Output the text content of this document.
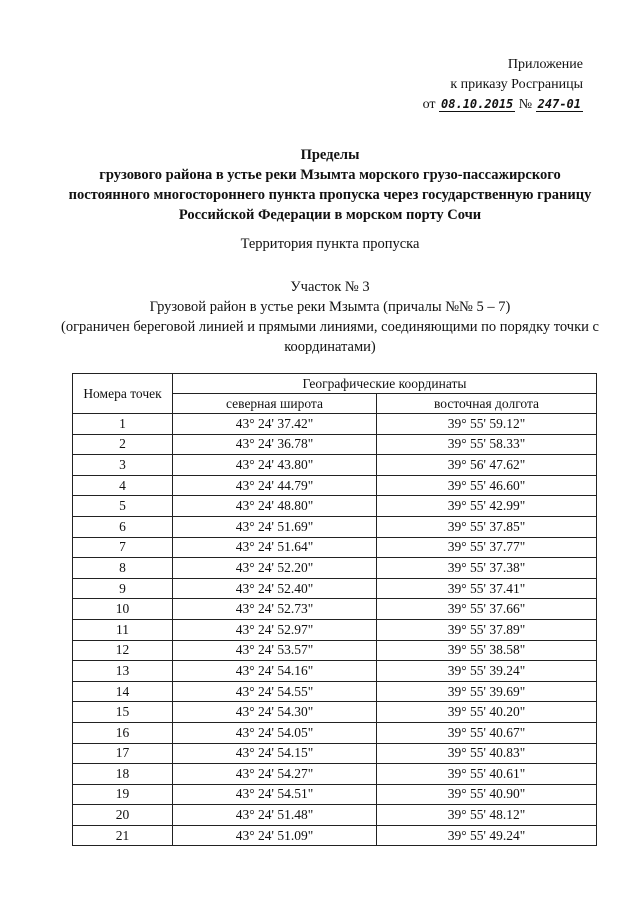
Приложение
к приказу Росграницы
от 08.10.2015 № 247-01
Пределы
грузового района в устье реки Мзымта морского грузо-пассажирского постоянного многостороннего пункта пропуска через государственную границу Российской Федерации в морском порту Сочи
Территория пункта пропуска
Участок № 3
Грузовой район в устье реки Мзымта (причалы №№ 5 – 7)
(ограничен береговой линией и прямыми линиями, соединяющими по порядку точки с координатами)
Номера точек	Географические координаты	
	северная широта	восточная долгота
1	43° 24' 37.42"	39° 55' 59.12"
2	43° 24' 36.78"	39° 55' 58.33"
3	43° 24' 43.80"	39° 56' 47.62"
4	43° 24' 44.79"	39° 55' 46.60"
5	43° 24' 48.80"	39° 55' 42.99"
6	43° 24' 51.69"	39° 55' 37.85"
7	43° 24' 51.64"	39° 55' 37.77"
8	43° 24' 52.20"	39° 55' 37.38"
9	43° 24' 52.40"	39° 55' 37.41"
10	43° 24' 52.73"	39° 55' 37.66"
11	43° 24' 52.97"	39° 55' 37.89"
12	43° 24' 53.57"	39° 55' 38.58"
13	43° 24' 54.16"	39° 55' 39.24"
14	43° 24' 54.55"	39° 55' 39.69"
15	43° 24' 54.30"	39° 55' 40.20"
16	43° 24' 54.05"	39° 55' 40.67"
17	43° 24' 54.15"	39° 55' 40.83"
18	43° 24' 54.27"	39° 55' 40.61"
19	43° 24' 54.51"	39° 55' 40.90"
20	43° 24' 51.48"	39° 55' 48.12"
21	43° 24' 51.09"	39° 55' 49.24"
